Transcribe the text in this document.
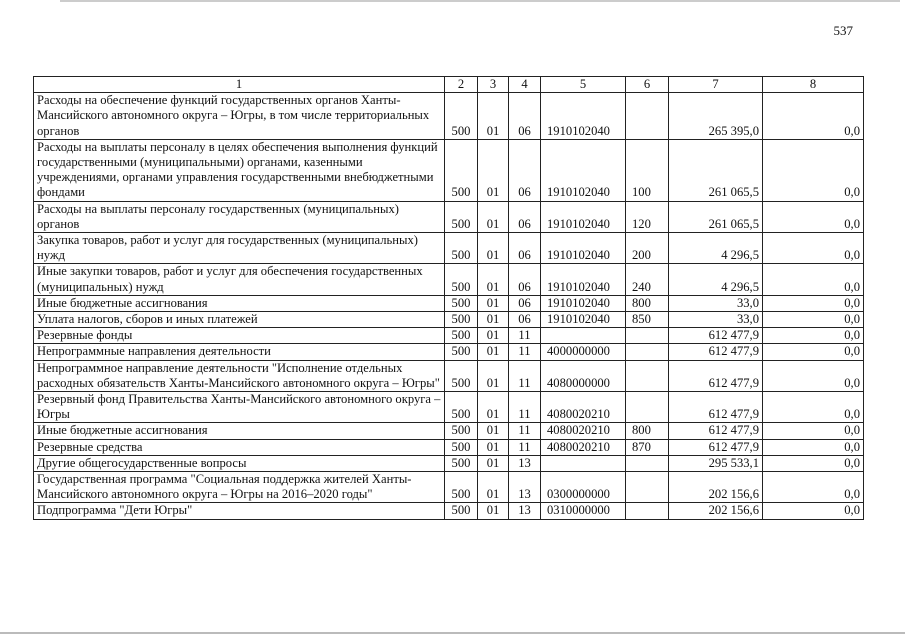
537
1	2	3	4	5	6	7	8
Расходы на обеспечение функций государственных органов Ханты-Мансийского автономного округа – Югры, в том числе территориальных органов	500	01	06	1910102040		265 395,0	0,0
Расходы на выплаты персоналу в целях обеспечения выполнения функций государственными (муниципальными) органами, казенными учреждениями, органами управления государственными внебюджетными фондами	500	01	06	1910102040	100	261 065,5	0,0
Расходы на выплаты персоналу государственных (муниципальных) органов	500	01	06	1910102040	120	261 065,5	0,0
Закупка товаров, работ и услуг для государственных (муниципальных) нужд	500	01	06	1910102040	200	4 296,5	0,0
Иные закупки товаров, работ и услуг для обеспечения государственных (муниципальных) нужд	500	01	06	1910102040	240	4 296,5	0,0
Иные бюджетные ассигнования	500	01	06	1910102040	800	33,0	0,0
Уплата налогов, сборов и иных платежей	500	01	06	1910102040	850	33,0	0,0
Резервные фонды	500	01	11			612 477,9	0,0
Непрограммные направления деятельности	500	01	11	4000000000		612 477,9	0,0
Непрограммное направление деятельности "Исполнение отдельных расходных обязательств Ханты-Мансийского автономного округа – Югры"	500	01	11	4080000000		612 477,9	0,0
Резервный фонд Правительства Ханты-Мансийского автономного округа – Югры	500	01	11	4080020210		612 477,9	0,0
Иные бюджетные ассигнования	500	01	11	4080020210	800	612 477,9	0,0
Резервные средства	500	01	11	4080020210	870	612 477,9	0,0
Другие общегосударственные вопросы	500	01	13			295 533,1	0,0
Государственная программа "Социальная поддержка жителей Ханты-Мансийского автономного округа – Югры на 2016–2020 годы"	500	01	13	0300000000		202 156,6	0,0
Подпрограмма "Дети Югры"	500	01	13	0310000000		202 156,6	0,0
